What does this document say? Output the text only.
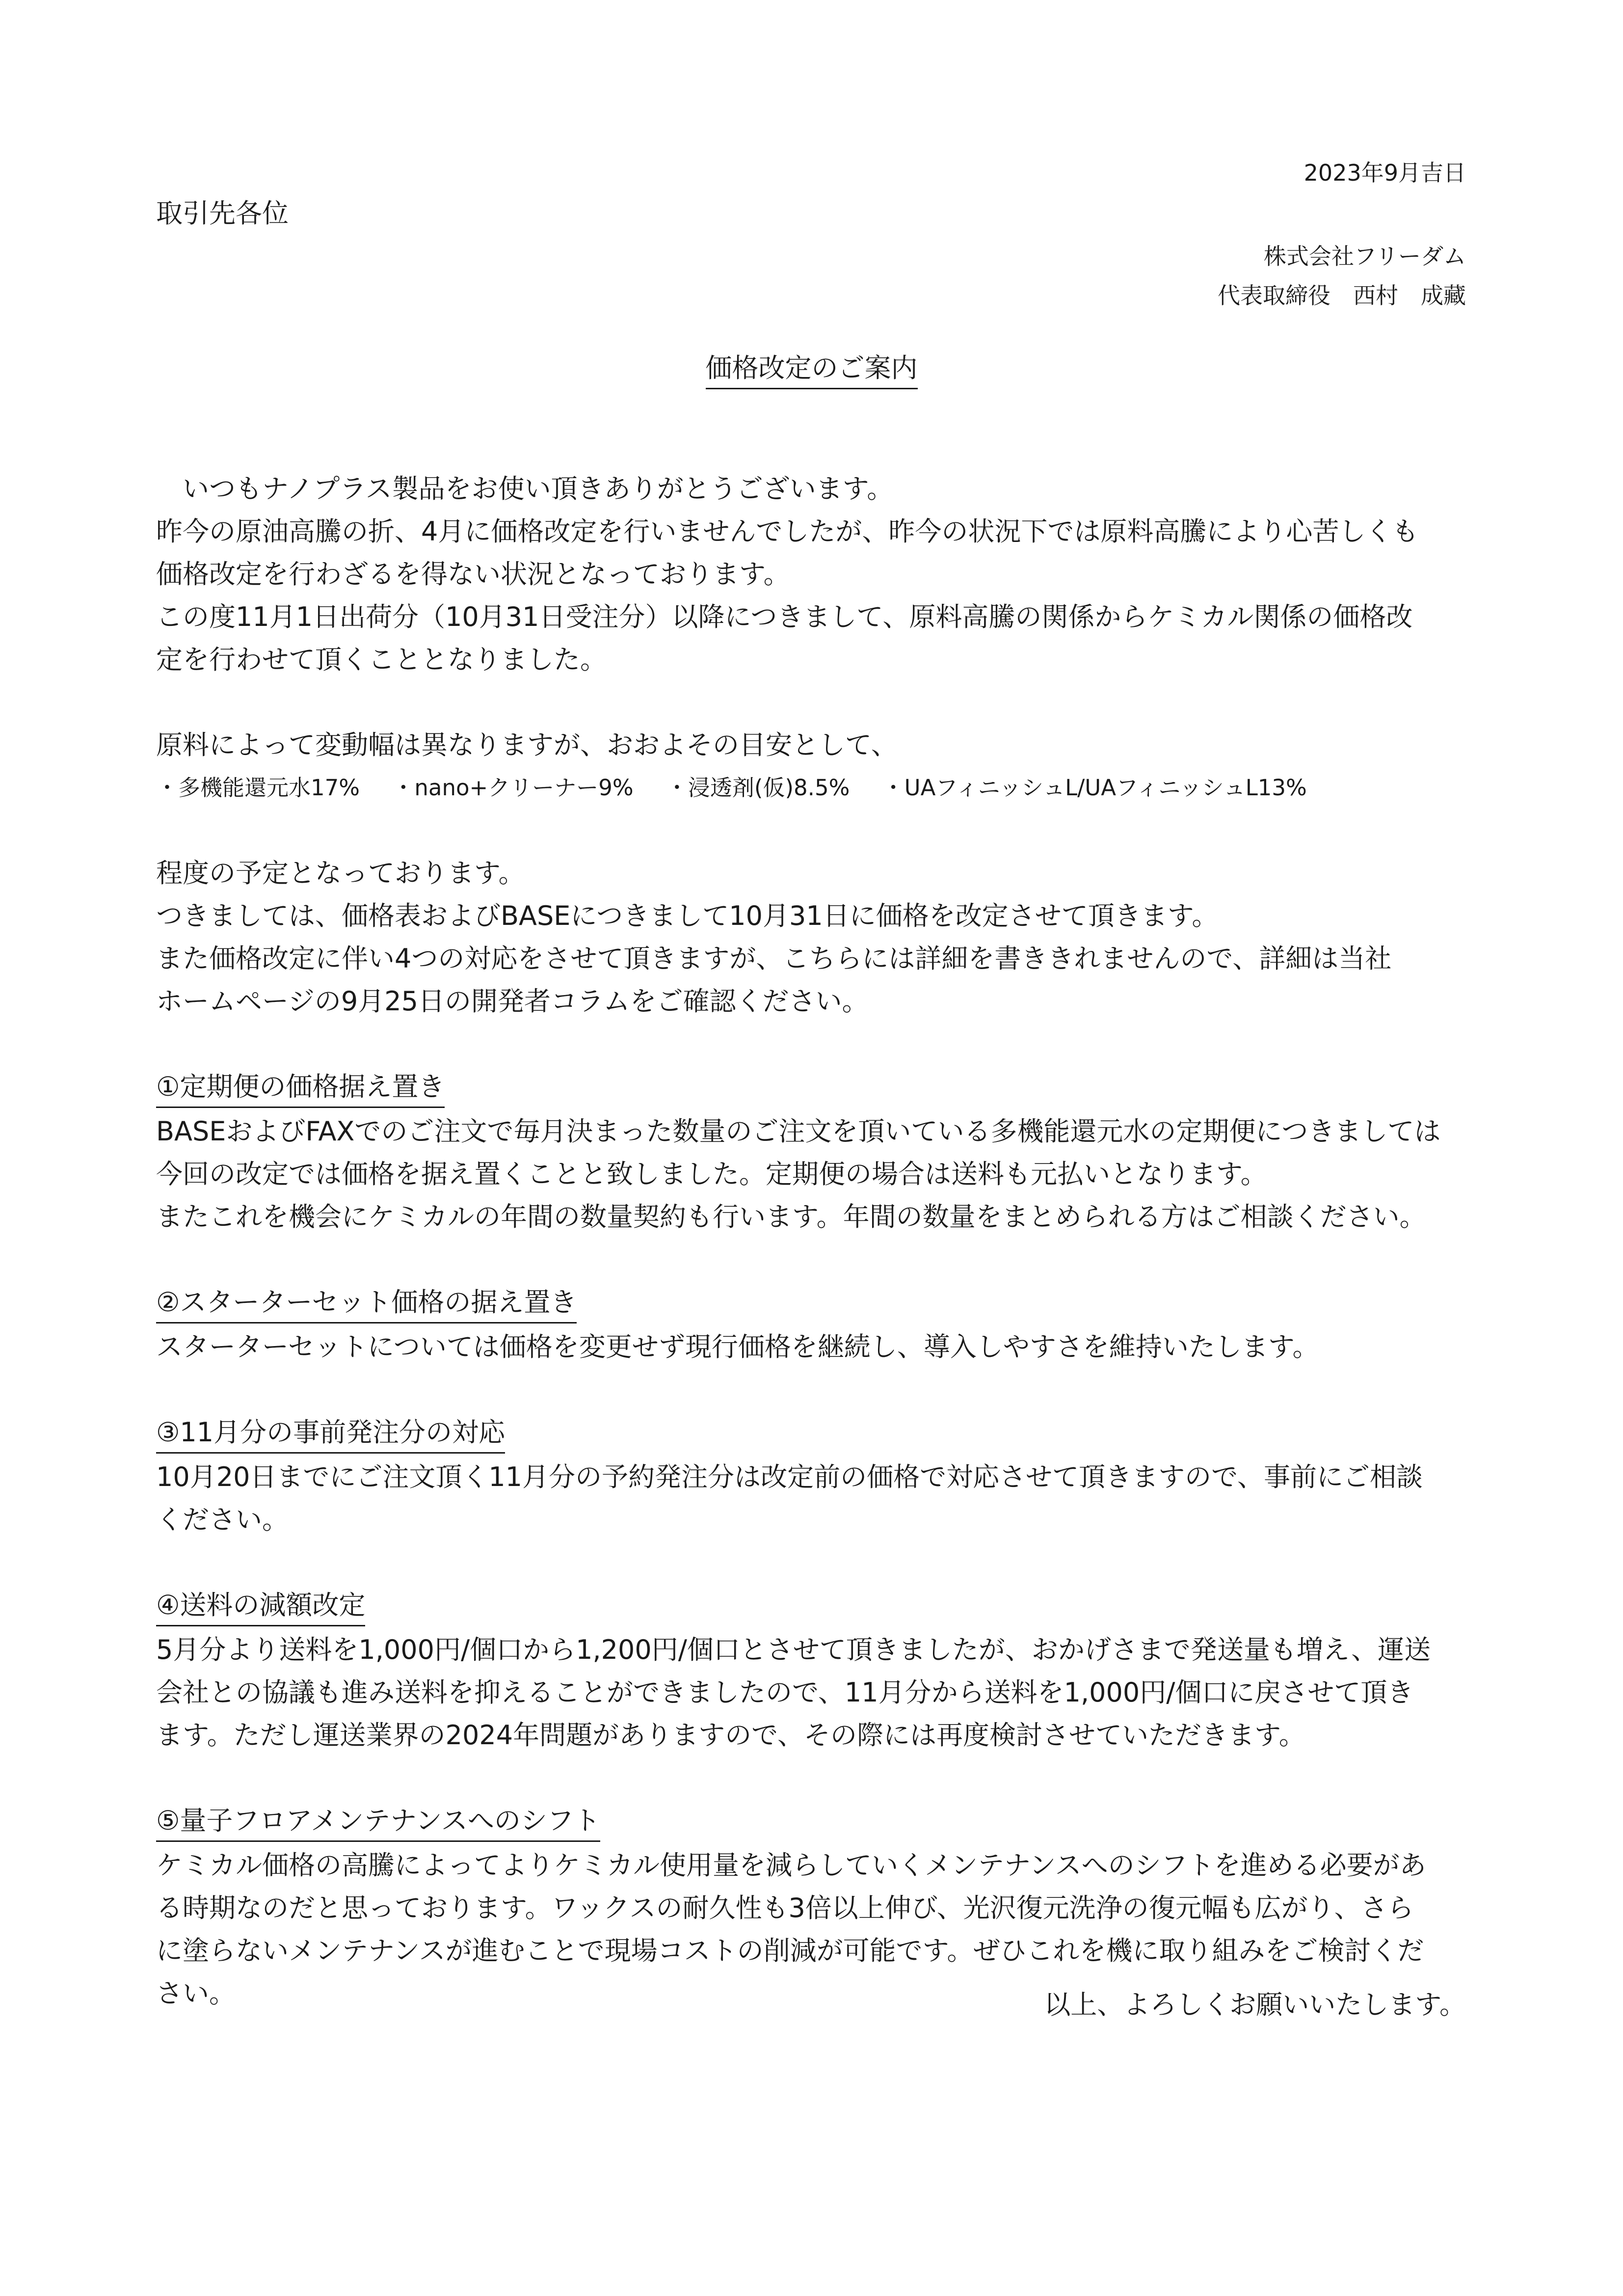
2023年9月吉日
取引先各位
株式会社フリーダム
代表取締役　西村　成藏
価格改定のご案内
いつもナノプラス製品をお使い頂きありがとうございます。
昨今の原油高騰の折、4月に価格改定を行いませんでしたが、昨今の状況下では原料高騰により心苦しくも
価格改定を行わざるを得ない状況となっております。
この度11月1日出荷分（10月31日受注分）以降につきまして、原料高騰の関係からケミカル関係の価格改
定を行わせて頂くこととなりました。
原料によって変動幅は異なりますが、おおよその目安として、
・多機能還元水17% ・nano+クリーナー9% ・浸透剤(仮)8.5% ・UAフィニッシュL/UAフィニッシュL13%
程度の予定となっております。
つきましては、価格表およびBASEにつきまして10月31日に価格を改定させて頂きます。
また価格改定に伴い4つの対応をさせて頂きますが、こちらには詳細を書ききれませんので、詳細は当社
ホームページの9月25日の開発者コラムをご確認ください。
①定期便の価格据え置き
BASEおよびFAXでのご注文で毎月決まった数量のご注文を頂いている多機能還元水の定期便につきましては
今回の改定では価格を据え置くことと致しました。定期便の場合は送料も元払いとなります。
またこれを機会にケミカルの年間の数量契約も行います。年間の数量をまとめられる方はご相談ください。
②スターターセット価格の据え置き
スターターセットについては価格を変更せず現行価格を継続し、導入しやすさを維持いたします。
③11月分の事前発注分の対応
10月20日までにご注文頂く11月分の予約発注分は改定前の価格で対応させて頂きますので、事前にご相談
ください。
④送料の減額改定
5月分より送料を1,000円/個口から1,200円/個口とさせて頂きましたが、おかげさまで発送量も増え、運送
会社との協議も進み送料を抑えることができましたので、11月分から送料を1,000円/個口に戻させて頂き
ます。ただし運送業界の2024年問題がありますので、その際には再度検討させていただきます。
⑤量子フロアメンテナンスへのシフト
ケミカル価格の高騰によってよりケミカル使用量を減らしていくメンテナンスへのシフトを進める必要があ
る時期なのだと思っております。ワックスの耐久性も3倍以上伸び、光沢復元洗浄の復元幅も広がり、さら
に塗らないメンテナンスが進むことで現場コストの削減が可能です。ぜひこれを機に取り組みをご検討くだ
さい。	以上、よろしくお願いいたします。
